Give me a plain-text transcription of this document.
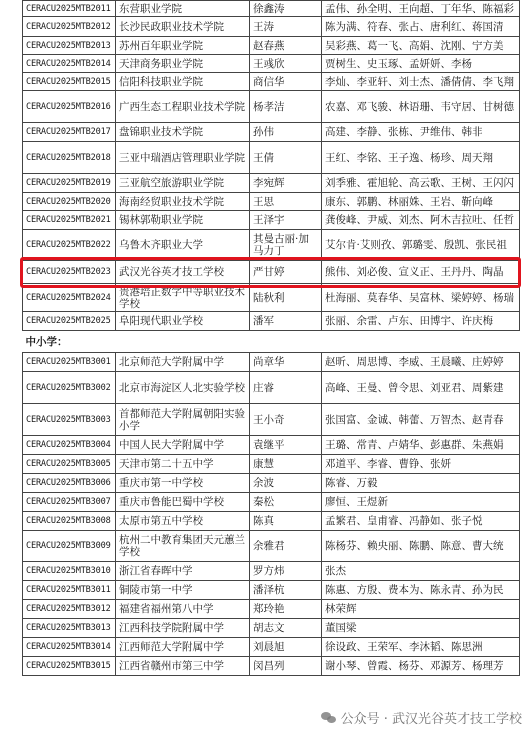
CERACU2025MTB2011	东营职业学院	徐鑫涛	孟伟、孙全明、王向超、丁年华、陈福彩
CERACU2025MTB2012	长沙民政职业技术学院	王涛	陈为满、符春、张占、唐利红、蒋国清
CERACU2025MTB2013	苏州百年职业学院	赵春燕	吴彩燕、葛一飞、高娟、沈刚、宁方美
CERACU2025MTB2014	天津商务职业学院	王彧欣	贾树生、史玉琢、孟妍妍、李杨
CERACU2025MTB2015	信阳科技职业学院	商信华	李灿、李亚轩、刘士杰、潘倩倩、李飞翔
CERACU2025MTB2016	广西生态工程职业技术学院	杨孝洁	农嘉、邓飞骏、林语珊、韦守居、甘树德
CERACU2025MTB2017	盘锦职业技术学院	孙伟	高建、李静、张栋、尹维伟、韩非
CERACU2025MTB2018	三亚中瑞酒店管理职业学院	王倩	王红、李铭、王子逸、杨珍、周天翔
CERACU2025MTB2019	三亚航空旅游职业学院	李宛辉	刘季雅、霍旭轮、高云歌、王树、王闪闪
CERACU2025MTB2020	海南经贸职业技术学院	王思	康东、郭鹏、林丽姝、王岩、靳向峰
CERACU2025MTB2021	锡林郭勒职业学院	王泽宇	龚俊峰、尹威、刘杰、阿木吉拉吐、任哲
CERACU2025MTB2022	乌鲁木齐职业大学	其曼古丽·加马力丁	艾尔肯·艾则孜、郭璐雯、殷凯、张民祖
CERACU2025MTB2023	武汉光谷英才技工学校	严甘婷	熊伟、刘必俊、宣义正、王丹丹、陶晶
CERACU2025MTB2024	贵港培正数字中等职业技术学校	陆秋利	杜海丽、莫春华、吴富林、梁婷婷、杨瑞
CERACU2025MTB2025	阜阳现代职业学校	潘军	张丽、余雷、卢东、田博宇、许庆梅
中小学：			
CERACU2025MTB3001	北京师范大学附属中学	尚章华	赵昕、周思博、李威、王晨曦、庄婷婷
CERACU2025MTB3002	北京市海淀区人北实验学校	庄睿	高峰、王曼、曾令思、刘亚君、周紫建
CERACU2025MTB3003	首都师范大学附属朝阳实验小学	王小奇	张国富、金诚、韩蕾、万智杰、赵青春
CERACU2025MTB3004	中国人民大学附属中学	袁继平	王璐、常青、卢婧华、彭惠群、朱燕娟
CERACU2025MTB3005	天津市第二十五中学	康慧	邓道平、李睿、曹铮、张妍
CERACU2025MTB3006	重庆市第一中学校	余波	陈睿、万毅
CERACU2025MTB3007	重庆市鲁能巴蜀中学校	秦松	廖恒、王煜新
CERACU2025MTB3008	太原市第五中学校	陈真	孟繁君、皇甫睿、冯静如、张子悦
CERACU2025MTB3009	杭州二中教育集团天元蕙兰学校	余雅君	陈杨芬、赖央丽、陈鹏、陈意、曹大统
CERACU2025MTB3010	浙江省春晖中学	罗方炜	张杰
CERACU2025MTB3011	铜陵市第一中学	潘泽杭	陈惠、方殷、费本为、陈永青、孙为民
CERACU2025MTB3012	福建省福州第八中学	郑玲艳	林荣辉
CERACU2025MTB3013	江西科技学院附属中学	胡志文	董国梁
CERACU2025MTB3014	江西师范大学附属中学	刘晨旭	徐设政、王荣军、李沐韬、陈思洲
CERACU2025MTB3015	江西省赣州市第三中学	闵昌列	谢小琴、曾霞、杨芬、邓源芳、杨理芳
公众号 · 武汉光谷英才技工学校
